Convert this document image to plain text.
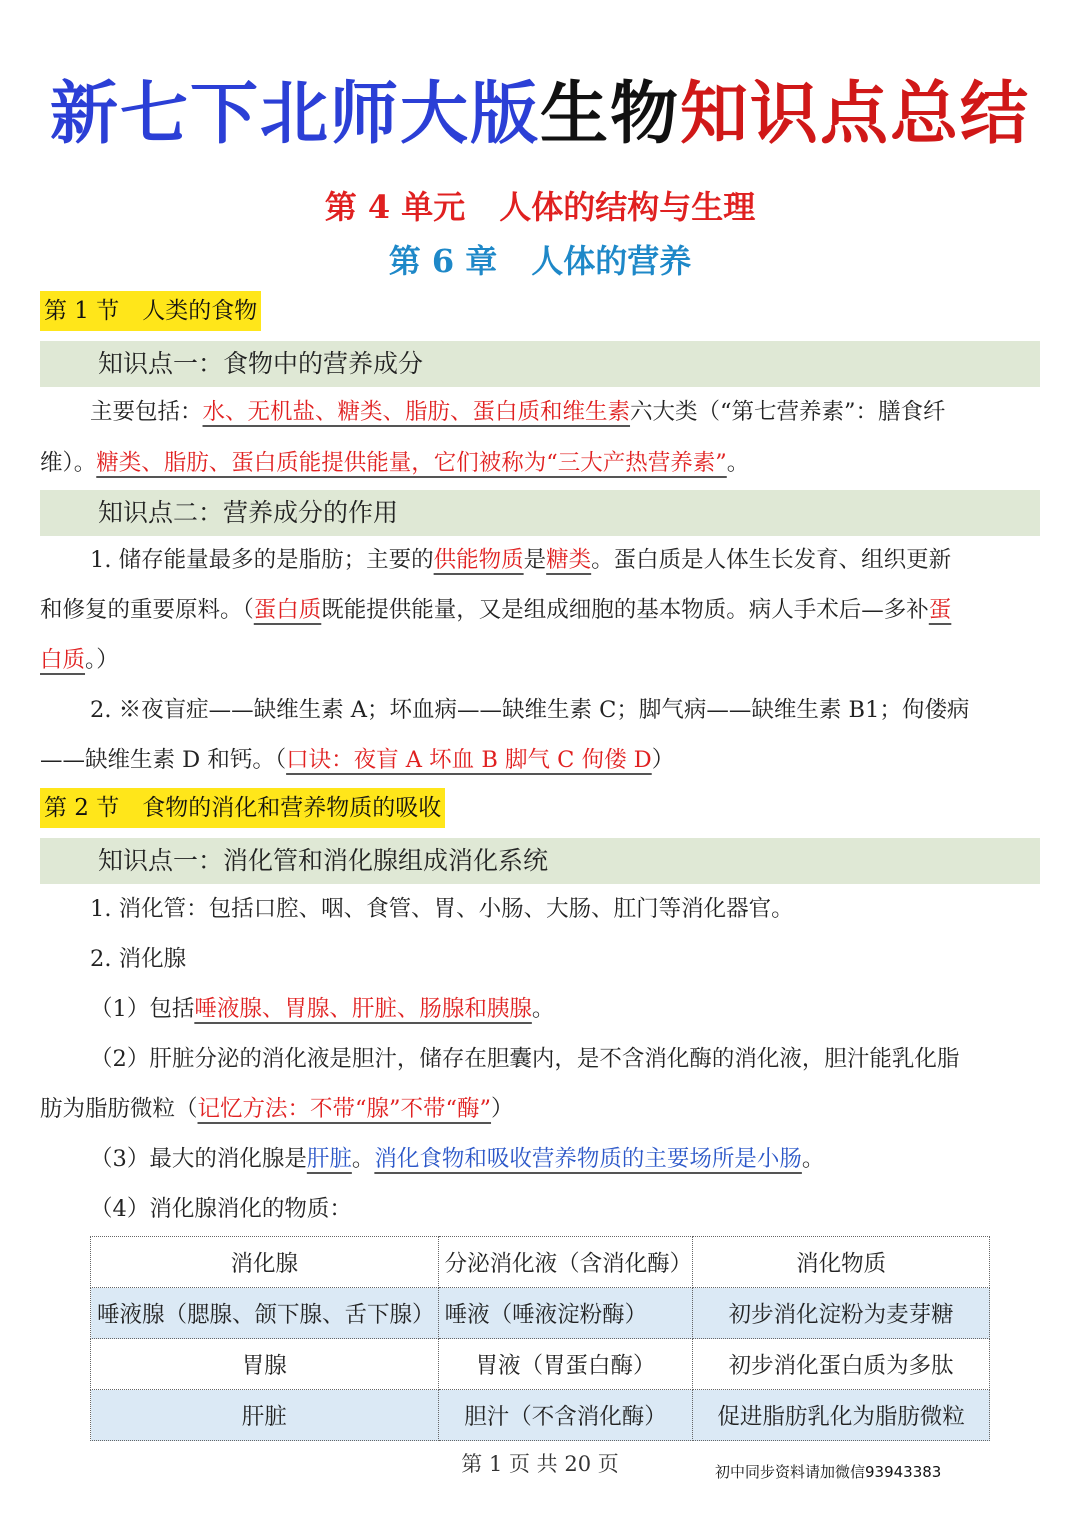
新七下北师大版生物知识点总结
第 4 单元 人体的结构与生理
第 6 章 人体的营养
第 1 节　人类的食物
知识点一：食物中的营养成分
主要包括：水、无机盐、糖类、脂肪、蛋白质和维生素六大类（“第七营养素”：膳食纤
维）。糖类、脂肪、蛋白质能提供能量，它们被称为“三大产热营养素”。
知识点二：营养成分的作用
1. 储存能量最多的是脂肪；主要的供能物质是糖类。蛋白质是人体生长发育、组织更新
和修复的重要原料。（蛋白质既能提供能量，又是组成细胞的基本物质。病人手术后—多补蛋
白质。）
2. ※夜盲症——缺维生素 A；坏血病——缺维生素 C；脚气病——缺维生素 B1；佝偻病
——缺维生素 D 和钙。（口诀：夜盲 A 坏血 B 脚气 C 佝偻 D）
第 2 节　食物的消化和营养物质的吸收
知识点一：消化管和消化腺组成消化系统
1. 消化管：包括口腔、咽、食管、胃、小肠、大肠、肛门等消化器官。
2. 消化腺
（1）包括唾液腺、胃腺、肝脏、肠腺和胰腺。
（2）肝脏分泌的消化液是胆汁，储存在胆囊内，是不含消化酶的消化液，胆汁能乳化脂
肪为脂肪微粒（记忆方法：不带“腺”不带“酶”）
（3）最大的消化腺是肝脏。消化食物和吸收营养物质的主要场所是小肠。
（4）消化腺消化的物质：
消化腺	分泌消化液（含消化酶）	消化物质
唾液腺（腮腺、颌下腺、舌下腺）	唾液（唾液淀粉酶）	初步消化淀粉为麦芽糖
胃腺	胃液（胃蛋白酶）	初步消化蛋白质为多肽
肝脏	胆汁（不含消化酶）	促进脂肪乳化为脂肪微粒
第 1 页 共 20 页	初中同步资料请加微信93943383
